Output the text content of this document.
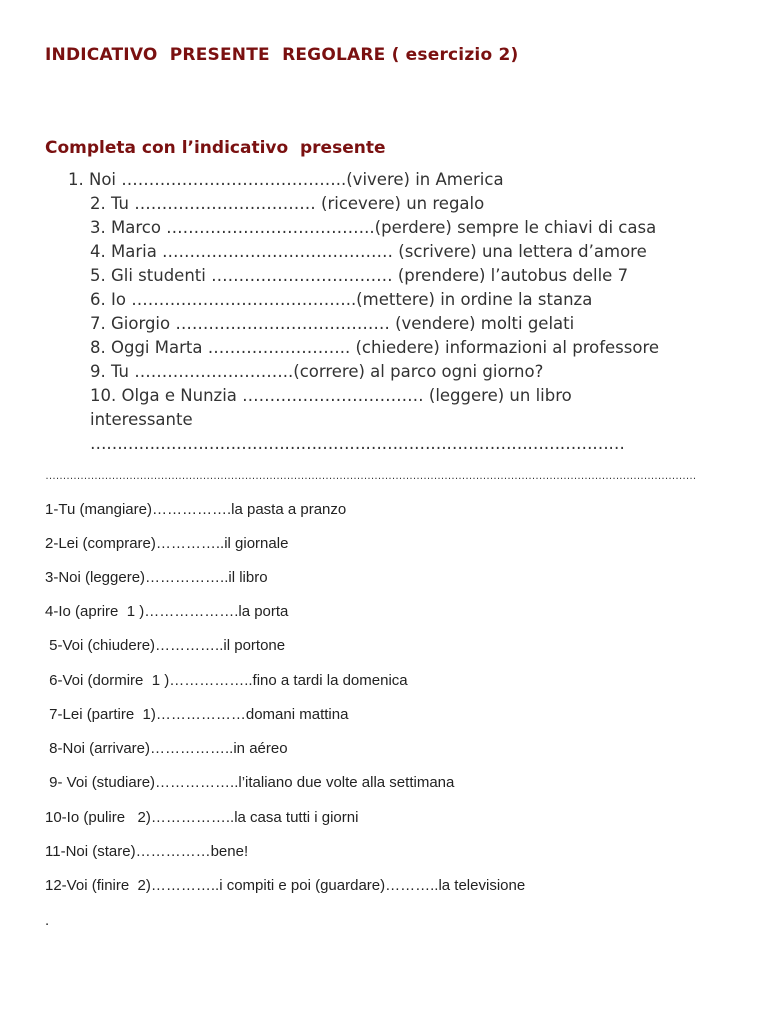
INDICATIVO  PRESENTE  REGOLARE ( esercizio 2)
Completa con l’indicativo  presente
1. Noi …………………………………..(vivere) in America
2. Tu …………………………… (ricevere) un regalo
3. Marco ………………………………..(perdere) sempre le chiavi di casa
4. Maria …………………………………… (scrivere) una lettera d’amore
5. Gli studenti …………………………… (prendere) l’autobus delle 7
6. Io …………………………………..(mettere) in ordine la stanza
7. Giorgio ………………………………… (vendere) molti gelati
8. Oggi Marta …………………….. (chiedere) informazioni al professore
9. Tu ………………………..(correre) al parco ogni giorno?
10. Olga e Nunzia …………………………… (leggere) un libro
interessante
………………………………………………………………………………………
……………………………………………………………………………………………………………………………………………………………………
1-Tu (mangiare)…………….la pasta a pranzo
2-Lei (comprare)…………..il giornale
3-Noi (leggere)……………..il libro
4-Io (aprire  1 )……………….la porta
5-Voi (chiudere)…………..il portone
6-Voi (dormire  1 )……………..fino a tardi la domenica
7-Lei (partire  1)………………domani mattina
8-Noi (arrivare)……………..in aéreo
9- Voi (studiare)……………..l’italiano due volte alla settimana
10-Io (pulire   2)……………..la casa tutti i giorni
11-Noi (stare)……………bene!
12-Voi (finire  2)…………..i compiti e poi (guardare)………..la televisione
.
